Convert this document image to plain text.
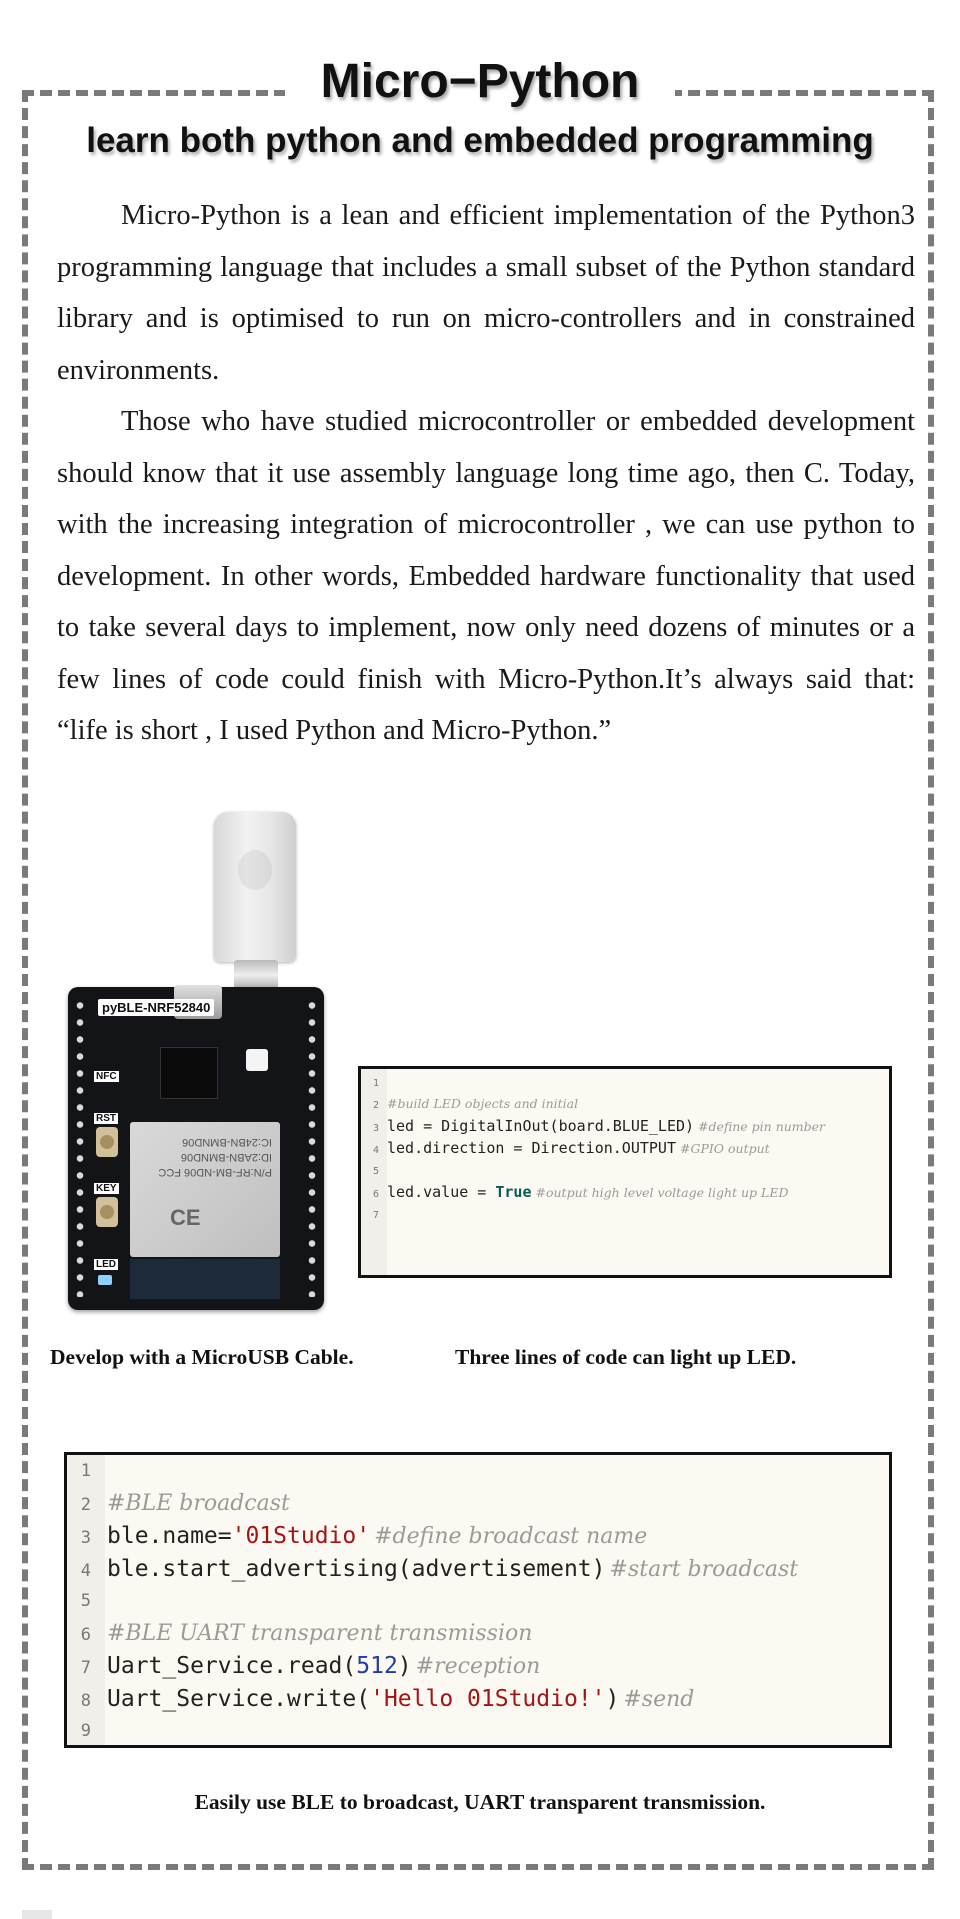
Micro−Python
learn both python and embedded programming

Micro-Python is a lean and efficient implementation of the Python3 programming language that includes a small subset of the Python standard library and is optimised to run on micro-controllers and in constrained environments.

Those who have studied microcontroller or embedded development should know that it use assembly language long time ago, then C. Today, with the increasing integration of microcontroller , we can use python to development. In other words, Embedded hardware functionality that used to take several days to implement, now only need dozens of minutes or a few lines of code could finish with Micro-Python.It’s always said that: “life is short , I used Python and Micro-Python.”

pyBLE-NRF52840
NFC
RST
KEY
LED
P/N:RF-BM-ND06 FCC ID:2ABN-BMND06 IC:24BN-BMND06
CE
1
2 #build LED objects and initial
3 led = DigitalInOut(board.BLUE_LED) #define pin number
4 led.direction = Direction.OUTPUT #GPIO output
5
6 led.value = True #output high level voltage light up LED
7
Develop with a MicroUSB Cable.	Three lines of code can light up LED.
1
2 #BLE broadcast
3 ble.name='01Studio' #define broadcast name
4 ble.start_advertising(advertisement) #start broadcast
5
6 #BLE UART transparent transmission
7 Uart_Service.read(512) #reception
8 Uart_Service.write('Hello 01Studio!') #send
9
Easily use BLE to broadcast, UART transparent transmission.
